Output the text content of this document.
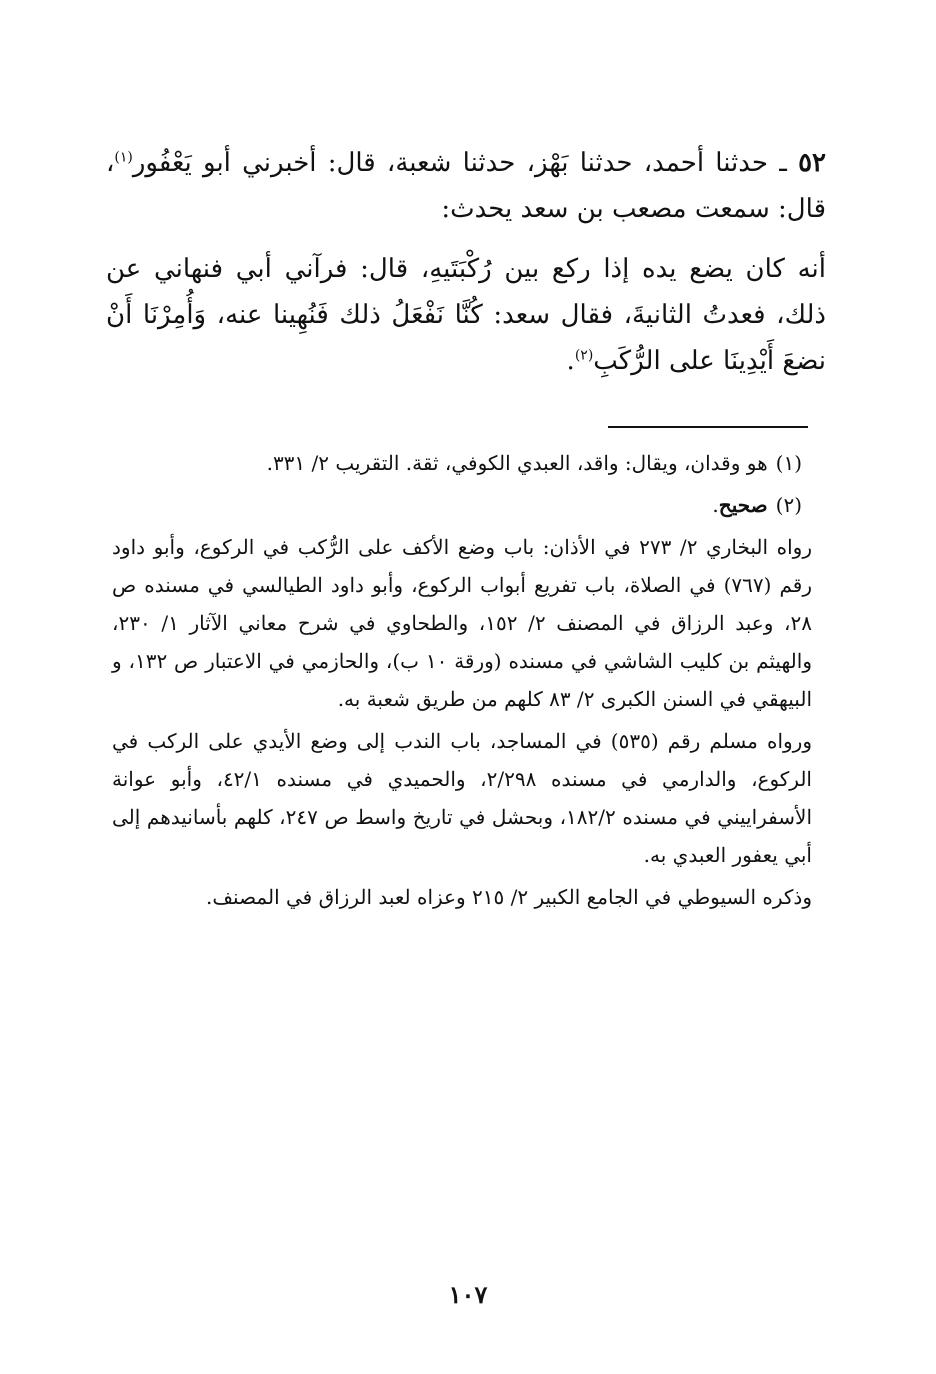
٥٢ ـ حدثنا أحمد، حدثنا بَهْز، حدثنا شعبة، قال: أخبرني أبو يَعْفُور$^{(١)}$، قال: سمعت مصعب بن سعد يحدث:

أنه كان يضع يده إذا ركع بين رُكْبَتَيهِ، قال: فرآني أبي فنهاني عن ذلك، فعدتُ الثانيةَ، فقال سعد: كُنَّا نَفْعَلُ ذلك فَنُهِينا عنه، وَأُمِرْنَا أَنْ نضعَ أَيْدِينَا على الرُّكَبِ$^{(٢)}$.

(١)هو وقدان، ويقال: واقد، العبدي الكوفي، ثقة. التقريب ٢/ ٣٣١.

(٢)صحيح.

رواه البخاري ٢/ ٢٧٣ في الأذان: باب وضع الأكف على الرُّكب في الركوع، وأبو داود رقم (٧٦٧) في الصلاة، باب تفريع أبواب الركوع، وأبو داود الطيالسي في مسنده ص ٢٨، وعبد الرزاق في المصنف ٢/ ١٥٢، والطحاوي في شرح معاني الآثار ١/ ٢٣٠، والهيثم بن كليب الشاشي في مسنده (ورقة ١٠ ب)، والحازمي في الاعتبار ص ١٣٢، و البيهقي في السنن الكبرى ٢/ ٨٣ كلهم من طريق شعبة به.

ورواه مسلم رقم (٥٣٥) في المساجد، باب الندب إلى وضع الأيدي على الركب في الركوع، والدارمي في مسنده ٢/٢٩٨، والحميدي في مسنده ٤٢/١، وأبو عوانة الأسفراييني في مسنده ١٨٢/٢، وبحشل في تاريخ واسط ص ٢٤٧، كلهم بأسانيدهم إلى أبي يعفور العبدي به.

وذكره السيوطي في الجامع الكبير ٢/ ٢١٥ وعزاه لعبد الرزاق في المصنف.

١٠٧
